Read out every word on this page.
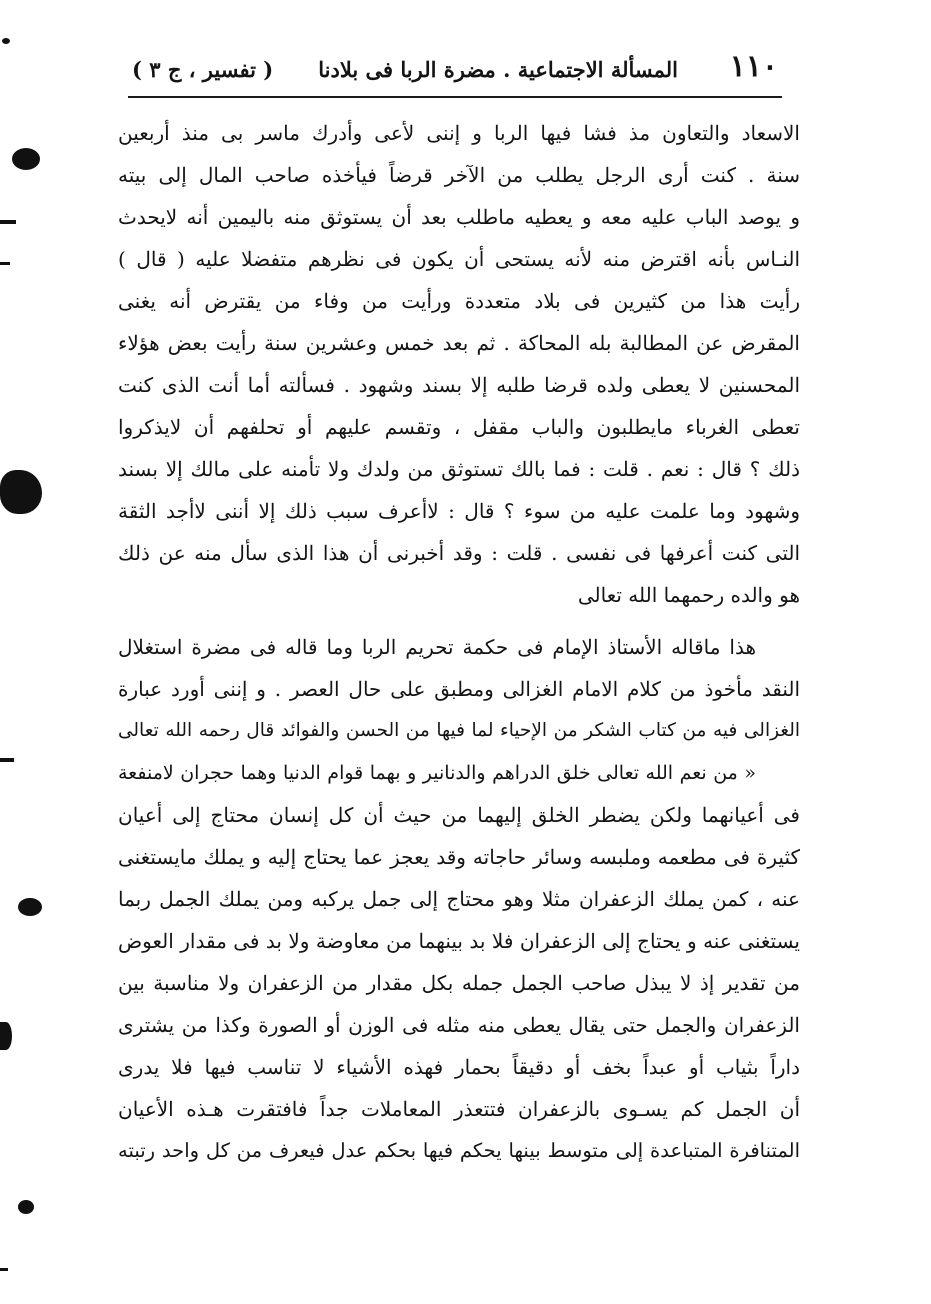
١١٠
المسألة الاجتماعية . مضرة الربا فى بلادنا
( تفسير ، ج ٣ )
الاسعاد والتعاون مذ فشا فيها الربا و إننى لأعى وأدرك ماسر بى منذ أربعين
سنة . كنت أرى الرجل يطلب من الآخر قرضاً فيأخذه صاحب المال إلى بيته
و يوصد الباب عليه معه و يعطيه ماطلب بعد أن يستوثق منه باليمين أنه لايحدث
النـاس بأنه اقترض منه لأنه يستحى أن يكون فى نظرهم متفضلا عليه ( قال )
رأيت هذا من كثيرين فى بلاد متعددة ورأيت من وفاء من يقترض أنه يغنى
المقرض عن المطالبة بله المحاكة . ثم بعد خمس وعشرين سنة رأيت بعض هؤلاء
المحسنين لا يعطى ولده قرضا طلبه إلا بسند وشهود . فسألته أما أنت الذى كنت
تعطى الغرباء مايطلبون والباب مقفل ، وتقسم عليهم أو تحلفهم أن لايذكروا
ذلك ؟ قال : نعم . قلت : فما بالك تستوثق من ولدك ولا تأمنه على مالك إلا بسند
وشهود وما علمت عليه من سوء ؟ قال : لاأعرف سبب ذلك إلا أننى لاأجد الثقة
التى كنت أعرفها فى نفسى . قلت : وقد أخبرنى أن هذا الذى سأل منه عن ذلك
هو والده رحمهما الله تعالى
هذا ماقاله الأستاذ الإمام فى حكمة تحريم الربا وما قاله فى مضرة استغلال
النقد مأخوذ من كلام الامام الغزالى ومطبق على حال العصر . و إننى أورد عبارة
الغزالى فيه من كتاب الشكر من الإحياء لما فيها من الحسن والفوائد قال رحمه الله تعالى
« من نعم الله تعالى خلق الدراهم والدنانير و بهما قوام الدنيا وهما حجران لامنفعة
فى أعيانهما ولكن يضطر الخلق إليهما من حيث أن كل إنسان محتاج إلى أعيان
كثيرة فى مطعمه وملبسه وسائر حاجاته وقد يعجز عما يحتاج إليه و يملك مايستغنى
عنه ، كمن يملك الزعفران مثلا وهو محتاج إلى جمل يركبه ومن يملك الجمل ربما
يستغنى عنه و يحتاج إلى الزعفران فلا بد بينهما من معاوضة ولا بد فى مقدار العوض
من تقدير إذ لا يبذل صاحب الجمل جمله بكل مقدار من الزعفران ولا مناسبة بين
الزعفران والجمل حتى يقال يعطى منه مثله فى الوزن أو الصورة وكذا من يشترى
داراً بثياب أو عبداً بخف أو دقيقاً بحمار فهذه الأشياء لا تناسب فيها فلا يدرى
أن الجمل كم يسـوى بالزعفران فتتعذر المعاملات جداً فافتقرت هـذه الأعيان
المتنافرة المتباعدة إلى متوسط بينها يحكم فيها بحكم عدل فيعرف من كل واحد رتبته
